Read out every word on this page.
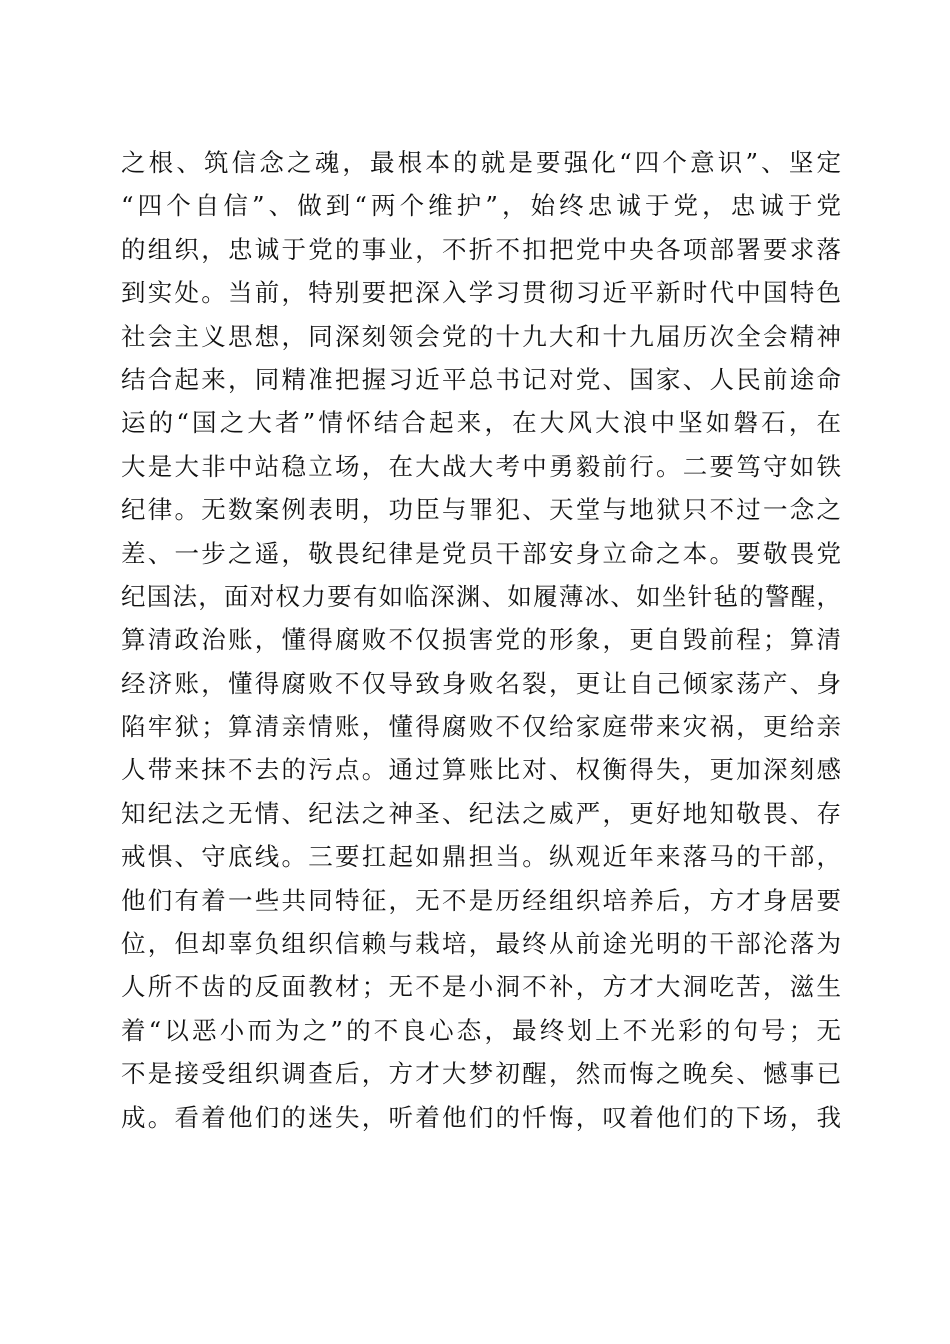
之根、筑信念之魂，最根本的就是要强化“四个意识”、坚定
“四个自信”、做到“两个维护”，始终忠诚于党，忠诚于党
的组织，忠诚于党的事业，不折不扣把党中央各项部署要求落
到实处。当前，特别要把深入学习贯彻习近平新时代中国特色
社会主义思想，同深刻领会党的十九大和十九届历次全会精神
结合起来，同精准把握习近平总书记对党、国家、人民前途命
运的“国之大者”情怀结合起来，在大风大浪中坚如磐石，在
大是大非中站稳立场，在大战大考中勇毅前行。二要笃守如铁
纪律。无数案例表明，功臣与罪犯、天堂与地狱只不过一念之
差、一步之遥，敬畏纪律是党员干部安身立命之本。要敬畏党
纪国法，面对权力要有如临深渊、如履薄冰、如坐针毡的警醒，
算清政治账，懂得腐败不仅损害党的形象，更自毁前程；算清
经济账，懂得腐败不仅导致身败名裂，更让自己倾家荡产、身
陷牢狱；算清亲情账，懂得腐败不仅给家庭带来灾祸，更给亲
人带来抹不去的污点。通过算账比对、权衡得失，更加深刻感
知纪法之无情、纪法之神圣、纪法之威严，更好地知敬畏、存
戒惧、守底线。三要扛起如鼎担当。纵观近年来落马的干部，
他们有着一些共同特征，无不是历经组织培养后，方才身居要
位，但却辜负组织信赖与栽培，最终从前途光明的干部沦落为
人所不齿的反面教材；无不是小洞不补，方才大洞吃苦，滋生
着“以恶小而为之”的不良心态，最终划上不光彩的句号；无
不是接受组织调查后，方才大梦初醒，然而悔之晚矣、憾事已
成。看着他们的迷失，听着他们的忏悔，叹着他们的下场，我
